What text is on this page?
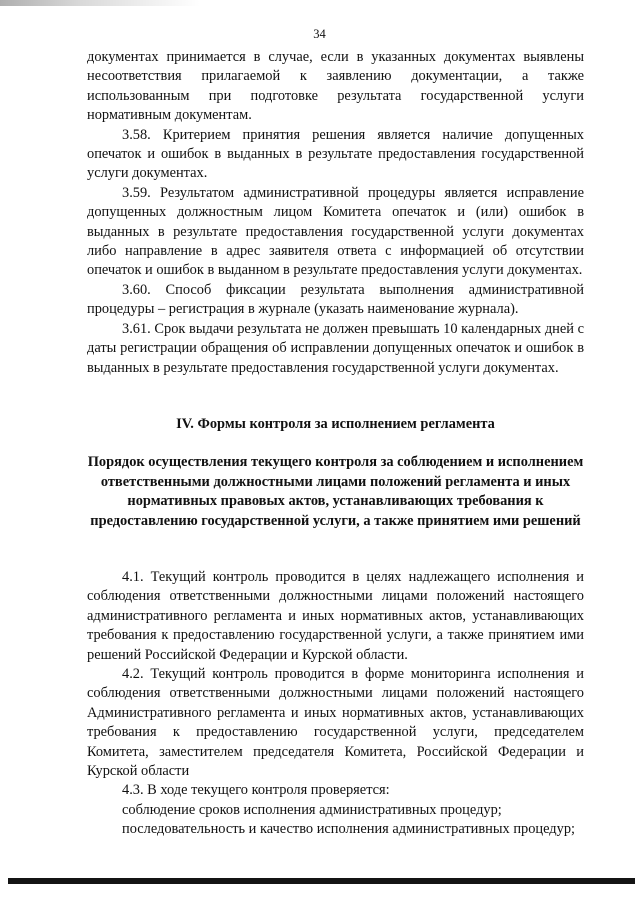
34

документах принимается в случае, если в указанных документах выявлены несоответствия прилагаемой к заявлению документации, а также использованным при подготовке результата государственной услуги нормативным документам.

3.58. Критерием принятия решения является наличие допущенных опечаток и ошибок в выданных в результате предоставления государственной услуги документах.

3.59. Результатом административной процедуры является исправление допущенных должностным лицом Комитета опечаток и (или) ошибок в выданных в результате предоставления государственной услуги документах либо направление в адрес заявителя ответа с информацией об отсутствии опечаток и ошибок в выданном в результате предоставления услуги документах.

3.60. Способ фиксации результата выполнения административной процедуры – регистрация в журнале (указать наименование журнала).

3.61. Срок выдачи результата не должен превышать 10 календарных дней с даты регистрации обращения об исправлении допущенных опечаток и ошибок в выданных в результате предоставления государственной услуги документах.

IV. Формы контроля за исполнением регламента
Порядок осуществления текущего контроля за соблюдением и исполнением ответственными должностными лицами положений регламента и иных нормативных правовых актов, устанавливающих требования к предоставлению государственной услуги, а также принятием ими решений

4.1. Текущий контроль проводится в целях надлежащего исполнения и соблюдения ответственными должностными лицами положений настоящего административного регламента и иных нормативных актов, устанавливающих требования к предоставлению государственной услуги, а также принятием ими решений Российской Федерации и Курской области.

4.2. Текущий контроль проводится в форме мониторинга исполнения и соблюдения ответственными должностными лицами положений настоящего Административного регламента и иных нормативных актов, устанавливающих требования к предоставлению государственной услуги, председателем Комитета, заместителем председателя Комитета, Российской Федерации и Курской области

4.3. В ходе текущего контроля проверяется:

соблюдение сроков исполнения административных процедур;

последовательность и качество исполнения административных процедур;
